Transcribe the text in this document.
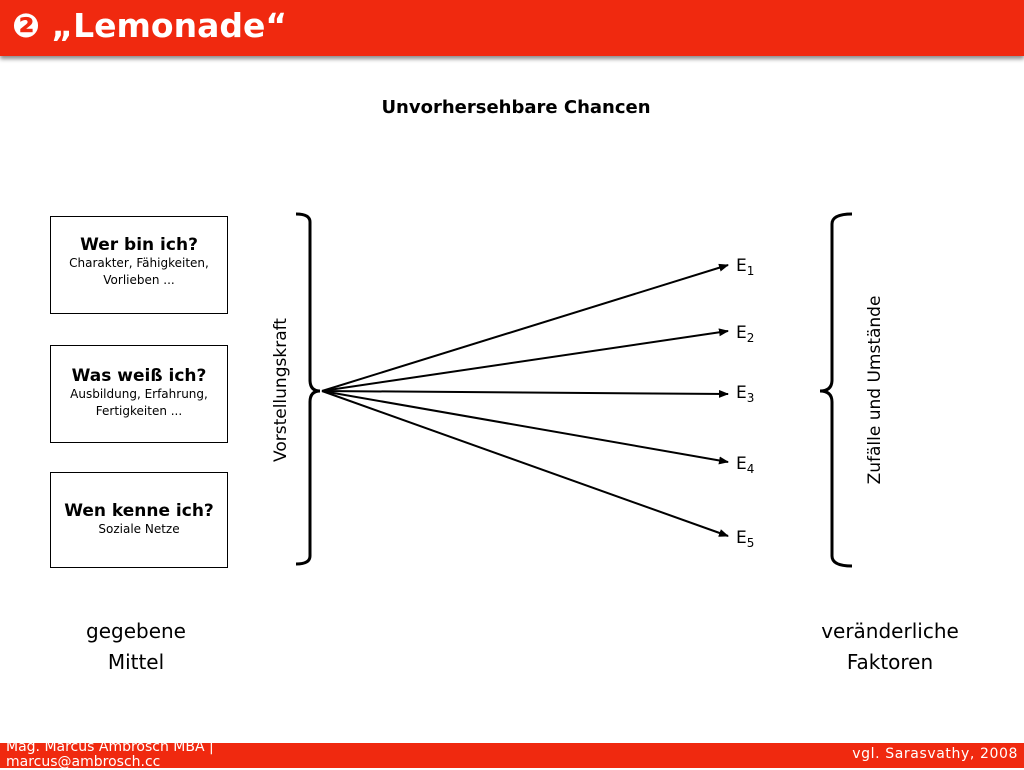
❷ „Lemonade“
Unvorhersehbare Chancen
Wer bin ich?
Charakter, Fähigkeiten,
Vorlieben ...
Was weiß ich?
Ausbildung, Erfahrung,
Fertigkeiten ...
Wen kenne ich?
Soziale Netze
Vorstellungskraft	Zufälle und Umstände
$E_1$
$E_2$
$E_3$
$E_4$
$E_5$
gegebene
Mittel
veränderliche
Faktoren
Mag. Marcus Ambrosch MBA | marcus@ambrosch.cc	vgl. Sarasvathy, 2008
